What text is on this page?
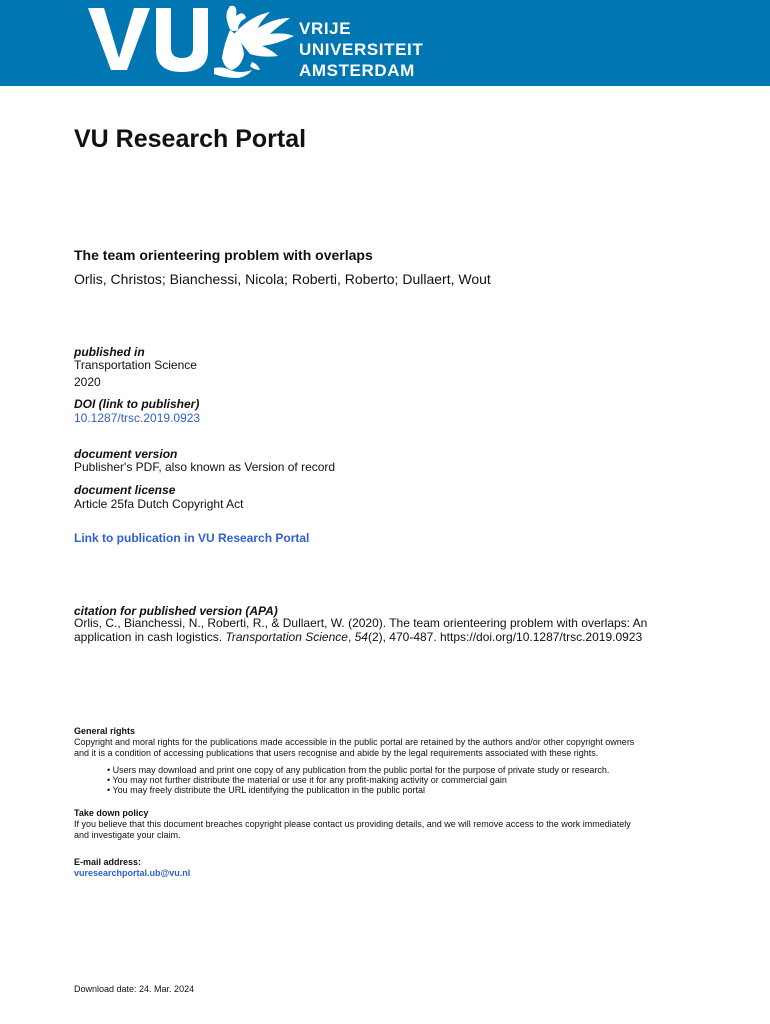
VRIJE
UNIVERSITEIT
AMSTERDAM
VU Research Portal
The team orienteering problem with overlaps
Orlis, Christos; Bianchessi, Nicola; Roberti, Roberto; Dullaert, Wout
published in
Transportation Science
2020
DOI (link to publisher)
10.1287/trsc.2019.0923
document version
Publisher's PDF, also known as Version of record
document license
Article 25fa Dutch Copyright Act
Link to publication in VU Research Portal
citation for published version (APA)
Orlis, C., Bianchessi, N., Roberti, R., & Dullaert, W. (2020). The team orienteering problem with overlaps: An
application in cash logistics. Transportation Science, 54(2), 470-487. https://doi.org/10.1287/trsc.2019.0923
General rights
Copyright and moral rights for the publications made accessible in the public portal are retained by the authors and/or other copyright owners
and it is a condition of accessing publications that users recognise and abide by the legal requirements associated with these rights.
• Users may download and print one copy of any publication from the public portal for the purpose of private study or research.
• You may not further distribute the material or use it for any profit-making activity or commercial gain
• You may freely distribute the URL identifying the publication in the public portal
Take down policy
If you believe that this document breaches copyright please contact us providing details, and we will remove access to the work immediately
and investigate your claim.
E-mail address:
vuresearchportal.ub@vu.nl
Download date: 24. Mar. 2024
